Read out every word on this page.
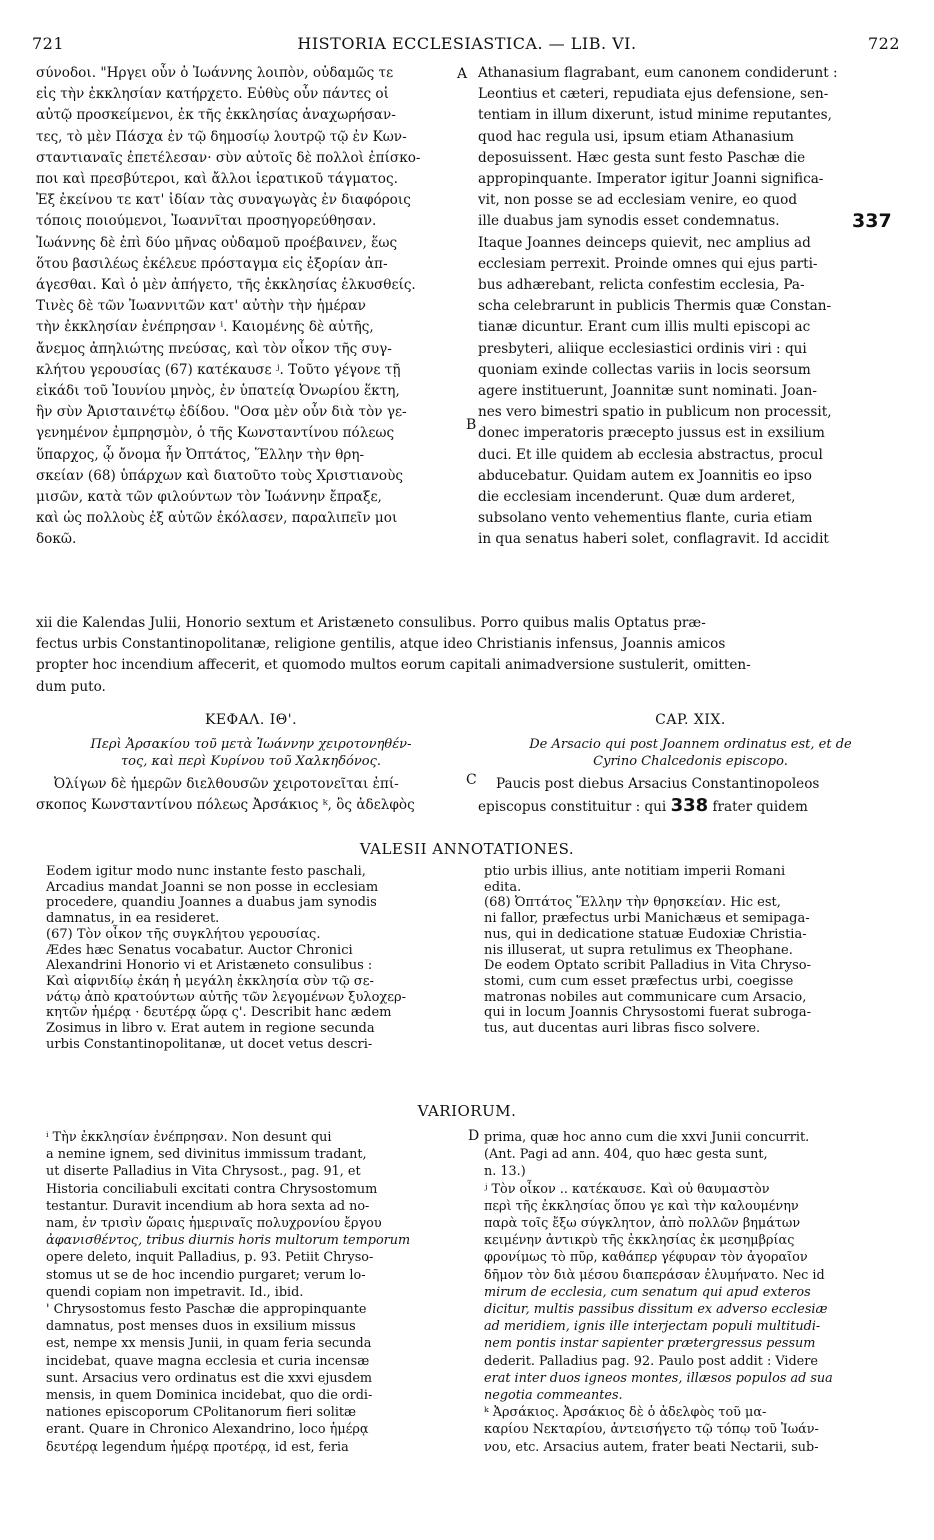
721	HISTORIA ECCLESIASTICA. — LIB. VI.	722

σύνοδοι. "Ηργει οὖν ὁ Ἰωάννης λοιπὸν, οὐδαμῶς τε

εἰς τὴν ἐκκλησίαν κατήρχετο. Εὐθὺς οὖν πάντες οἱ

αὐτῷ προσκείμενοι, ἐκ τῆς ἐκκλησίας ἀναχωρήσαν-

τες, τὸ μὲν Πάσχα ἐν τῷ δημοσίῳ λουτρῷ τῷ ἐν Κων-

σταντιαναῖς ἐπετέλεσαν· σὺν αὐτοῖς δὲ πολλοὶ ἐπίσκο-

ποι καὶ πρεσβύτεροι, καὶ ἄλλοι ἱερατικοῦ τάγματος.

Ἐξ ἐκείνου τε κατ' ἰδίαν τὰς συναγωγὰς ἐν διαφόροις

τόποις ποιούμενοι, Ἰωαννῖται προσηγορεύθησαν.

Ἰωάννης δὲ ἐπὶ δύο μῆνας οὐδαμοῦ προέβαινεν, ἕως

ὅτου βασιλέως ἐκέλευε πρόσταγμα εἰς ἐξορίαν ἀπ-

άγεσθαι. Καὶ ὁ μὲν ἀπήγετο, τῆς ἐκκλησίας ἑλκυσθείς.

Τινὲς δὲ τῶν Ἰωαννιτῶν κατ' αὐτὴν τὴν ἡμέραν

τὴν ἐκκλησίαν ἐνέπρησαν ⁱ. Καιομένης δὲ αὐτῆς,

ἄνεμος ἀπηλιώτης πνεύσας, καὶ τὸν οἶκον τῆς συγ-

κλήτου γερουσίας (67) κατέκαυσε ʲ. Τοῦτο γέγονε τῇ

εἰκάδι τοῦ Ἰουνίου μηνὸς, ἐν ὑπατείᾳ Ὀνωρίου ἕκτη,

ἣν σὺν Ἀρισταινέτῳ ἐδίδου. "Οσα μὲν οὖν διὰ τὸν γε-

γενημένον ἐμπρησμὸν, ὁ τῆς Κωνσταντίνου πόλεως

ὕπαρχος, ᾧ ὄνομα ἦν Ὀπτάτος, Ἕλλην τὴν θρη-

σκείαν (68) ὑπάρχων καὶ διατοῦτο τοὺς Χριστιανοὺς

μισῶν, κατὰ τῶν φιλούντων τὸν Ἰωάννην ἔπραξε,

καὶ ὡς πολλοὺς ἐξ αὐτῶν ἐκόλασεν, παραλιπεῖν μοι

δοκῶ.

A
B

Athanasium flagrabant, eum canonem condiderunt :

Leontius et cæteri, repudiata ejus defensione, sen-

tentiam in illum dixerunt, istud minime reputantes,

quod hac regula usi, ipsum etiam Athanasium

deposuissent. Hæc gesta sunt festo Paschæ die

appropinquante. Imperator igitur Joanni significa-

vit, non posse se ad ecclesiam venire, eo quod

ille duabus jam synodis esset condemnatus.

Itaque Joannes deinceps quievit, nec amplius ad

ecclesiam perrexit. Proinde omnes qui ejus parti-

bus adhærebant, relicta confestim ecclesia, Pa-

scha celebrarunt in publicis Thermis quæ Constan-

tianæ dicuntur. Erant cum illis multi episcopi ac

presbyteri, aliique ecclesiastici ordinis viri : qui

quoniam exinde collectas variis in locis seorsum

agere instituerunt, Joannitæ sunt nominati. Joan-

nes vero bimestri spatio in publicum non processit,

donec imperatoris præcepto jussus est in exsilium

duci. Et ille quidem ab ecclesia abstractus, procul

abducebatur. Quidam autem ex Joannitis eo ipso

die ecclesiam incenderunt. Quæ dum arderet,

subsolano vento vehementius flante, curia etiam

in qua senatus haberi solet, conflagravit. Id accidit

337
xii die Kalendas Julii, Honorio sextum et Aristæneto consulibus. Porro quibus malis Optatus præ-
fectus urbis Constantinopolitanæ, religione gentilis, atque ideo Christianis infensus, Joannis amicos
propter hoc incendium affecerit, et quomodo multos eorum capitali animadversione sustulerit, omitten-
dum puto.
ΚΕΦΑΛ. ΙΘ'.	CAP. XIX.
Περὶ Ἀρσακίου τοῦ μετὰ Ἰωάννην χειροτονηθέν-
τος, καὶ περὶ Κυρίνου τοῦ Χαλκηδόνος.
De Arsacio qui post Joannem ordinatus est, et de
Cyrino Chalcedonis episcopo.
C
Ὀλίγων δὲ ἡμερῶν διελθουσῶν χειροτονεῖται ἐπί-
σκοπος Κωνσταντίνου πόλεως Ἀρσάκιος ᵏ, ὃς ἀδελφὸς
Paucis post diebus Arsacius Constantinopoleos
episcopus constituitur : qui 338 frater quidem
VALESII ANNOTATIONES.

Eodem igitur modo nunc instante festo paschali,

Arcadius mandat Joanni se non posse in ecclesiam

procedere, quandiu Joannes a duabus jam synodis

damnatus, in ea resideret.

(67) Τὸν οἶκον τῆς συγκλήτου γερουσίας.

Ædes hæc Senatus vocabatur. Auctor Chronici

Alexandrini Honorio vi et Aristæneto consulibus :

Καὶ αἰφνιδίῳ ἐκάη ἡ μεγάλη ἐκκλησία σὺν τῷ σε-

νάτῳ ἀπὸ κρατούντων αὐτῆς τῶν λεγομένων ξυλοχερ-

κητῶν ἡμέρᾳ · δευτέρᾳ ὥρᾳ ς'. Describit hanc ædem

Zosimus in libro v. Erat autem in regione secunda

urbis Constantinopolitanæ, ut docet vetus descri-

ptio urbis illius, ante notitiam imperii Romani

edita.

(68) Ὀπτάτος Ἕλλην τὴν θρησκείαν. Hic est,

ni fallor, præfectus urbi Manichæus et semipaga-

nus, qui in dedicatione statuæ Eudoxiæ Christia-

nis illuserat, ut supra retulimus ex Theophane.

De eodem Optato scribit Palladius in Vita Chryso-

stomi, cum cum esset præfectus urbi, coegisse

matronas nobiles aut communicare cum Arsacio,

qui in locum Joannis Chrysostomi fuerat subroga-

tus, aut ducentas auri libras fisco solvere.

VARIORUM.
D

ⁱ Τὴν ἐκκλησίαν ἐνέπρησαν. Non desunt qui

a nemine ignem, sed divinitus immissum tradant,

ut diserte Palladius in Vita Chrysost., pag. 91, et

Historia conciliabuli excitati contra Chrysostomum

testantur. Duravit incendium ab hora sexta ad no-

nam, ἐν τρισὶν ὥραις ἡμεριναῖς πολυχρονίου ἔργου

ἀφανισθέντος, tribus diurnis horis multorum temporum

opere deleto, inquit Palladius, p. 93. Petiit Chryso-

stomus ut se de hoc incendio purgaret; verum lo-

quendi copiam non impetravit. Id., ibid.

' Chrysostomus festo Paschæ die appropinquante

damnatus, post menses duos in exsilium missus

est, nempe xx mensis Junii, in quam feria secunda

incidebat, quave magna ecclesia et curia incensæ

sunt. Arsacius vero ordinatus est die xxvi ejusdem

mensis, in quem Dominica incidebat, quo die ordi-

nationes episcoporum CPolitanorum fieri solitæ

erant. Quare in Chronico Alexandrino, loco ἡμέρᾳ

δευτέρᾳ legendum ἡμέρᾳ προτέρᾳ, id est, feria

prima, quæ hoc anno cum die xxvi Junii concurrit.

(Ant. Pagi ad ann. 404, quo hæc gesta sunt,

n. 13.)

ʲ Τὸν οἶκον .. κατέκαυσε. Καὶ οὐ θαυμαστὸν

περὶ τῆς ἐκκλησίας ὅπου γε καὶ τὴν καλουμένην

παρὰ τοῖς ἔξω σύγκλητον, ἀπὸ πολλῶν βημάτων

κειμένην ἀντικρὺ τῆς ἐκκλησίας ἐκ μεσημβρίας

φρονίμως τὸ πῦρ, καθάπερ γέφυραν τὸν ἀγοραῖον

δῆμον τὸν διὰ μέσου διαπεράσαν ἐλυμήνατο. Nec id

mirum de ecclesia, cum senatum qui apud exteros

dicitur, multis passibus dissitum ex adverso ecclesiæ

ad meridiem, ignis ille interjectam populi multitudi-

nem pontis instar sapienter prætergressus pessum

dederit. Palladius pag. 92. Paulo post addit : Videre

erat inter duos igneos montes, illæsos populos ad sua

negotia commeantes.

ᵏ Ἀρσάκιος. Ἀρσάκιος δὲ ὁ ἀδελφὸς τοῦ μα-

καρίου Νεκταρίου, ἀντεισήγετο τῷ τόπῳ τοῦ Ἰωάν-

νου, etc. Arsacius autem, frater beati Nectarii, sub-
